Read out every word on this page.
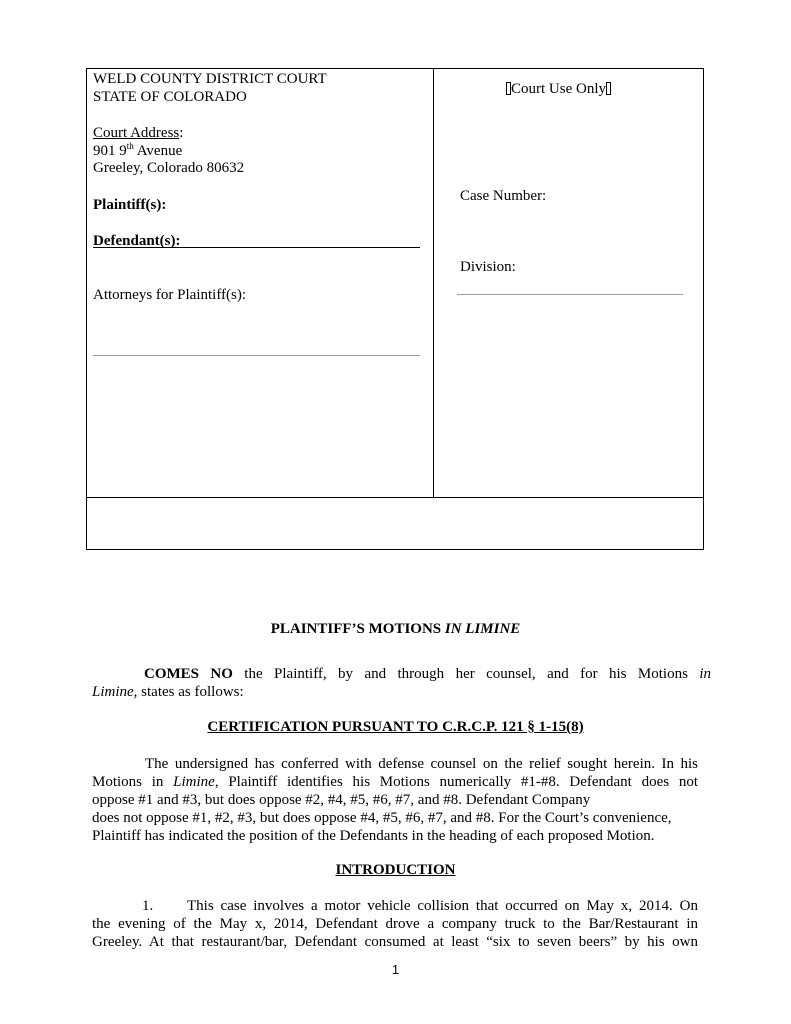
WELD COUNTY DISTRICT COURT
STATE OF COLORADO
Court Address:
901 9th Avenue
Greeley, Colorado 80632
Plaintiff(s):
Defendant(s):
Attorneys for Plaintiff(s):
Court Use Only
Case Number:
Division:
PLAINTIFF’S MOTIONS IN LIMINE
COMES NO the Plaintiff, by and through her counsel, and for his Motions in
Limine, states as follows:
CERTIFICATION PURSUANT TO C.R.C.P. 121 § 1-15(8)
The undersigned has conferred with defense counsel on the relief sought herein. In his
Motions in Limine, Plaintiff identifies his Motions numerically #1-#8. Defendant does not
oppose #1 and #3, but does oppose #2, #4, #5, #6, #7, and #8. Defendant Company
does not oppose #1, #2, #3, but does oppose #4, #5, #6, #7, and #8. For the Court’s convenience,
Plaintiff has indicated the position of the Defendants in the heading of each proposed Motion.
INTRODUCTION
1. This case involves a motor vehicle collision that occurred on May x, 2014. On
the evening of the May x, 2014, Defendant drove a company truck to the Bar/Restaurant in
Greeley. At that restaurant/bar, Defendant consumed at least “six to seven beers” by his own
1
